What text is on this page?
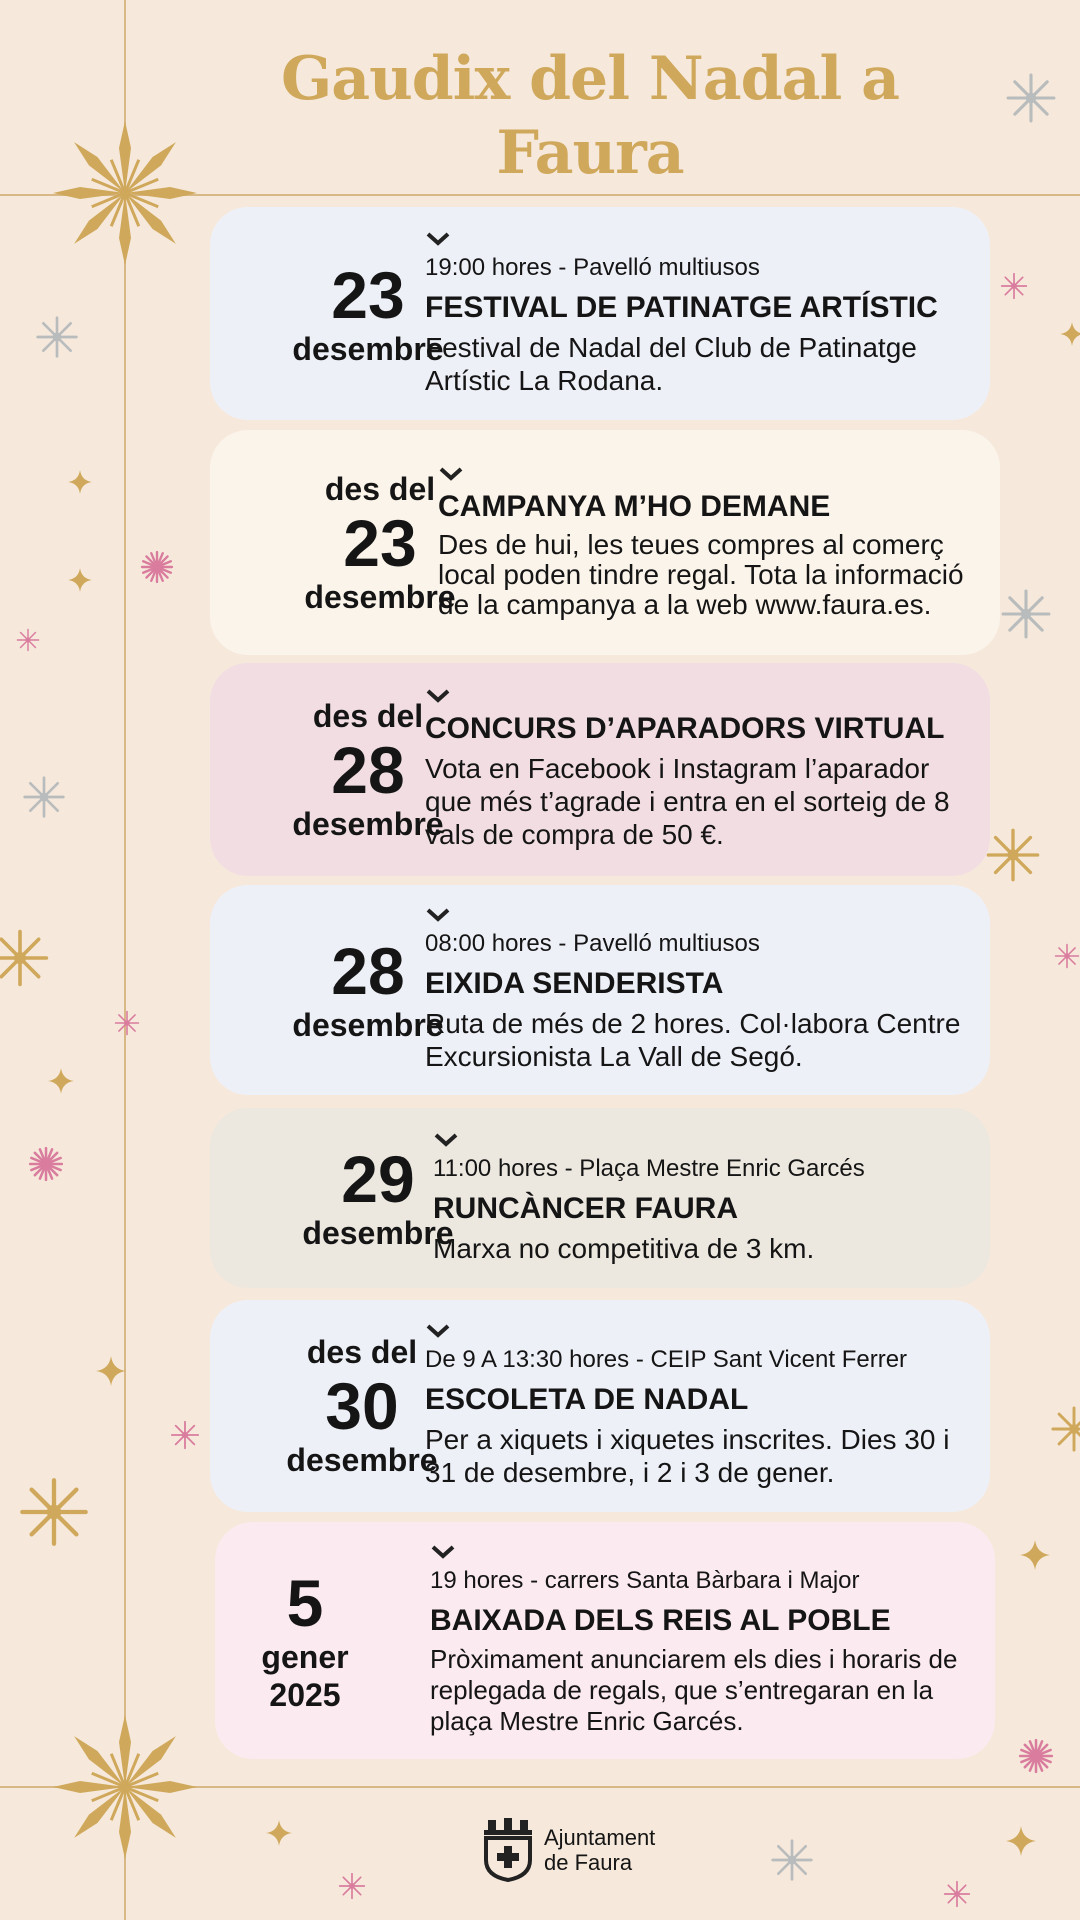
Gaudix del Nadal a Faura
23
desembre
19:00 hores - Pavelló multiusos
FESTIVAL DE PATINATGE ARTÍSTIC
Festival de Nadal del Club de Patinatge Artístic La Rodana.
des del
23
desembre
CAMPANYA M’HO DEMANE
Des de hui, les teues compres al comerç local poden tindre regal. Tota la informació de la campanya a la web www.faura.es.
des del
28
desembre
CONCURS D’APARADORS VIRTUAL
Vota en Facebook i Instagram l’aparador que més t’agrade i entra en el sorteig de 8 vals de compra de 50 €.
28
desembre
08:00 hores - Pavelló multiusos
EIXIDA SENDERISTA
Ruta de més de 2 hores. Col·labora Centre Excursionista La Vall de Segó.
29
desembre
11:00 hores - Plaça Mestre Enric Garcés
RUNCÀNCER FAURA
Marxa no competitiva de 3 km.
des del
30
desembre
De 9 A 13:30 hores - CEIP Sant Vicent Ferrer
ESCOLETA DE NADAL
Per a xiquets i xiquetes inscrites. Dies 30 i 31 de desembre, i 2 i 3 de gener.
5
gener
2025
19 hores - carrers Santa Bàrbara i Major
BAIXADA DELS REIS AL POBLE
Pròximament anunciarem els dies i horaris de replegada de regals, que s’entregaran en la plaça Mestre Enric Garcés.
Ajuntament
de Faura
